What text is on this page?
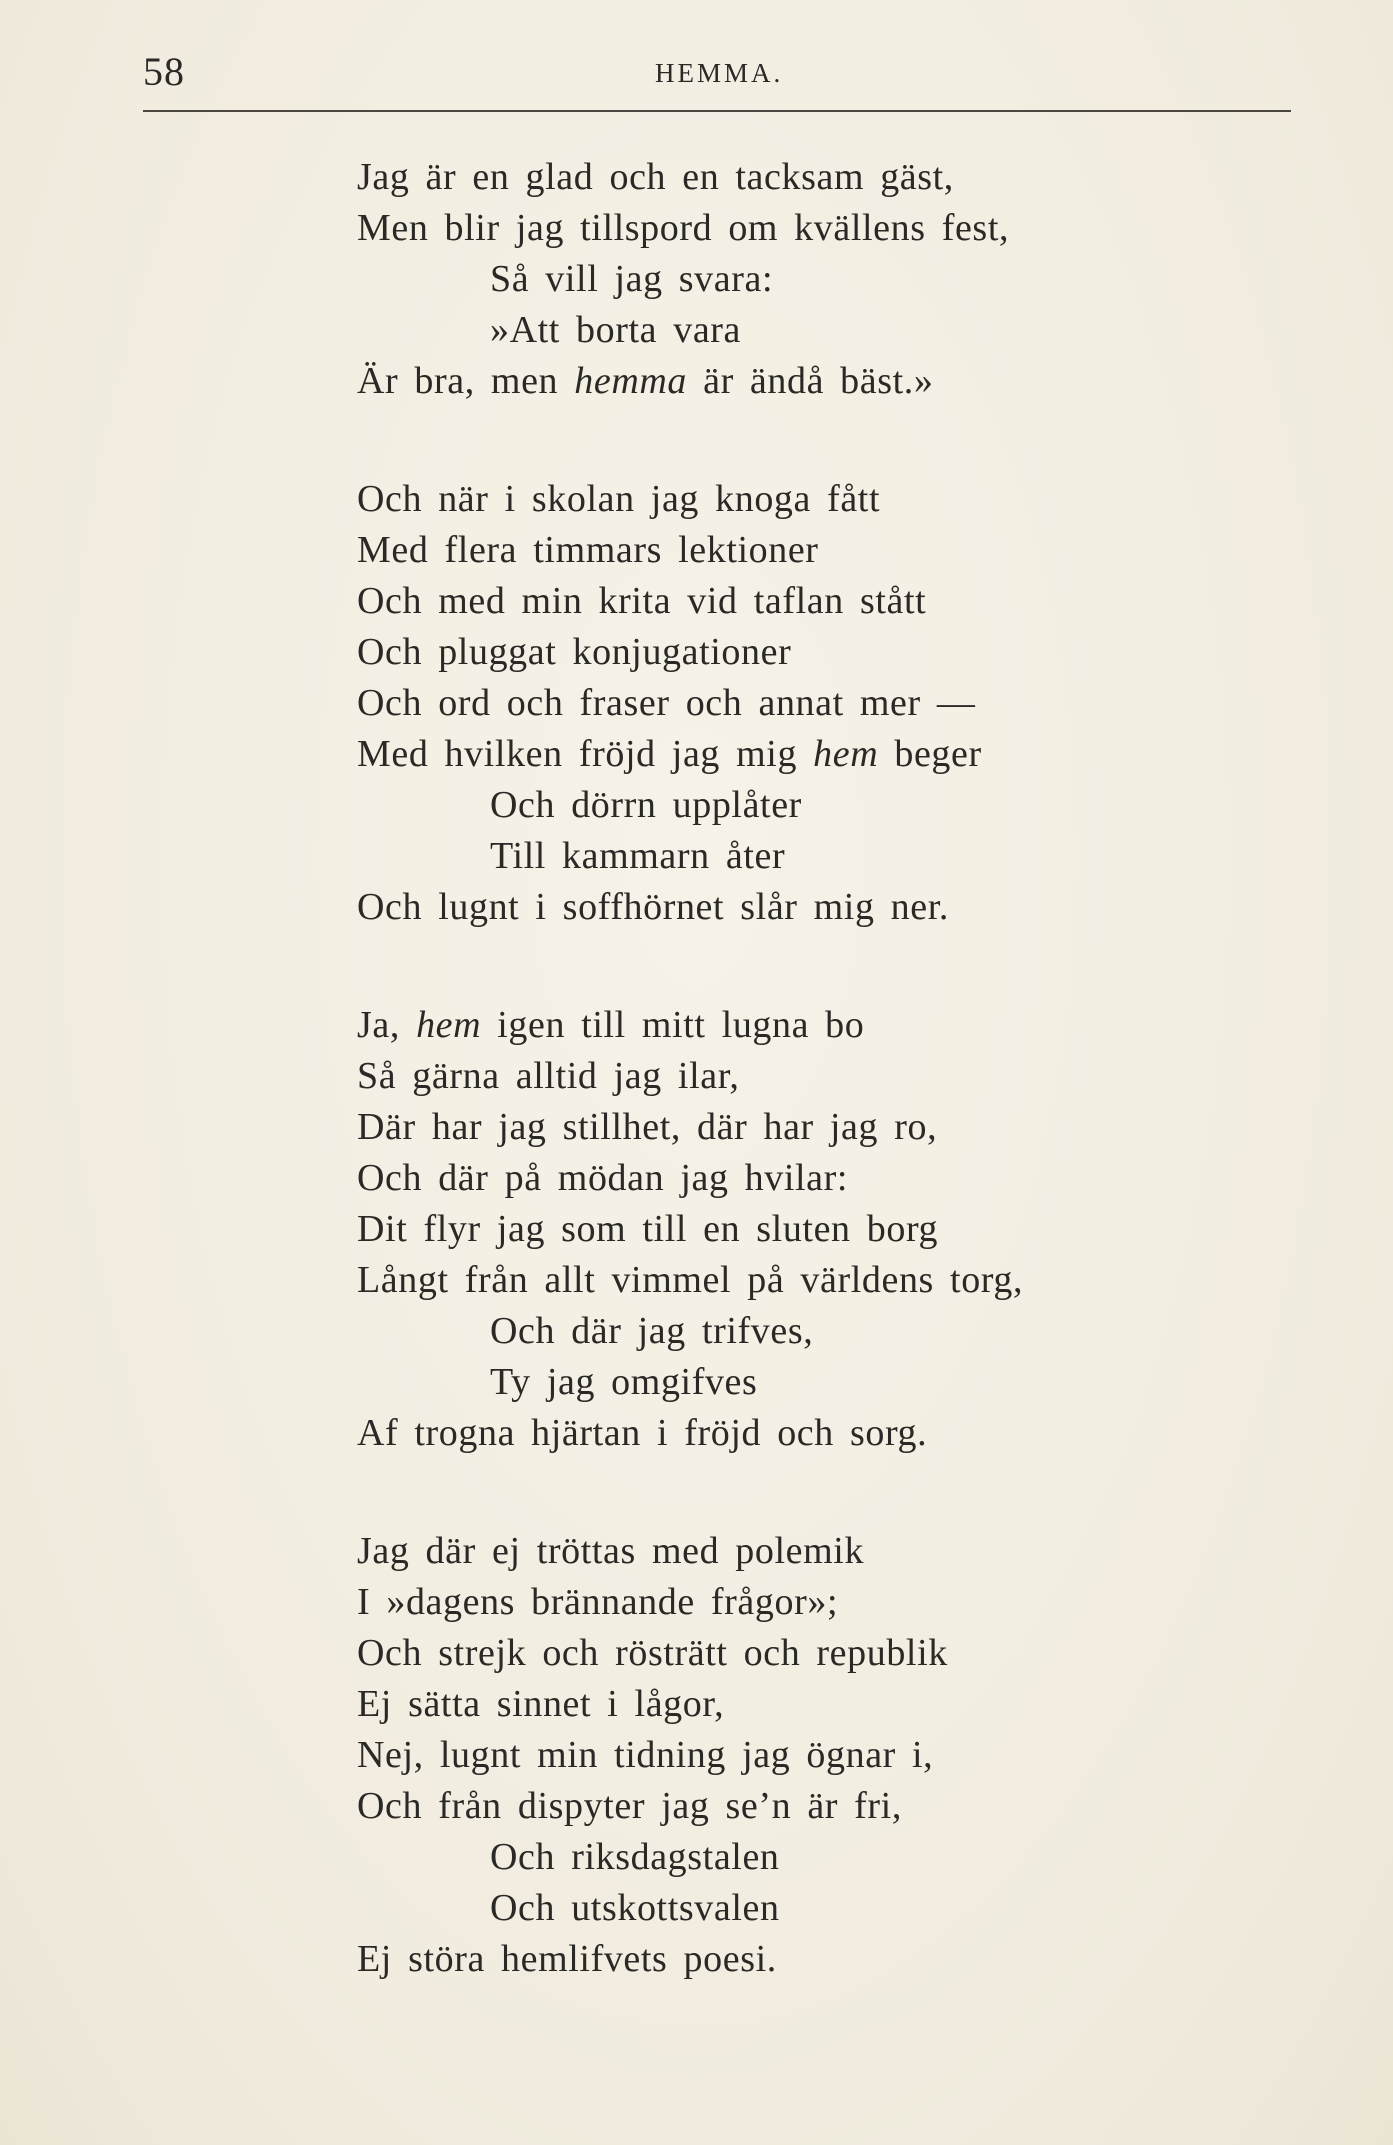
58	HEMMA.
Jag är en glad och en tacksam gäst,
Men blir jag tillspord om kvällens fest,
Så vill jag svara:
»Att borta vara
Är bra, men hemma är ändå bäst.»
Och när i skolan jag knoga fått
Med flera timmars lektioner
Och med min krita vid taflan stått
Och pluggat konjugationer
Och ord och fraser och annat mer —
Med hvilken fröjd jag mig hem beger
Och dörrn upplåter
Till kammarn åter
Och lugnt i soffhörnet slår mig ner.
Ja, hem igen till mitt lugna bo
Så gärna alltid jag ilar,
Där har jag stillhet, där har jag ro,
Och där på mödan jag hvilar:
Dit flyr jag som till en sluten borg
Långt från allt vimmel på världens torg,
Och där jag trifves,
Ty jag omgifves
Af trogna hjärtan i fröjd och sorg.
Jag där ej tröttas med polemik
I »dagens brännande frågor»;
Och strejk och rösträtt och republik
Ej sätta sinnet i lågor,
Nej, lugnt min tidning jag ögnar i,
Och från dispyter jag se’n är fri,
Och riksdagstalen
Och utskottsvalen
Ej störa hemlifvets poesi.
